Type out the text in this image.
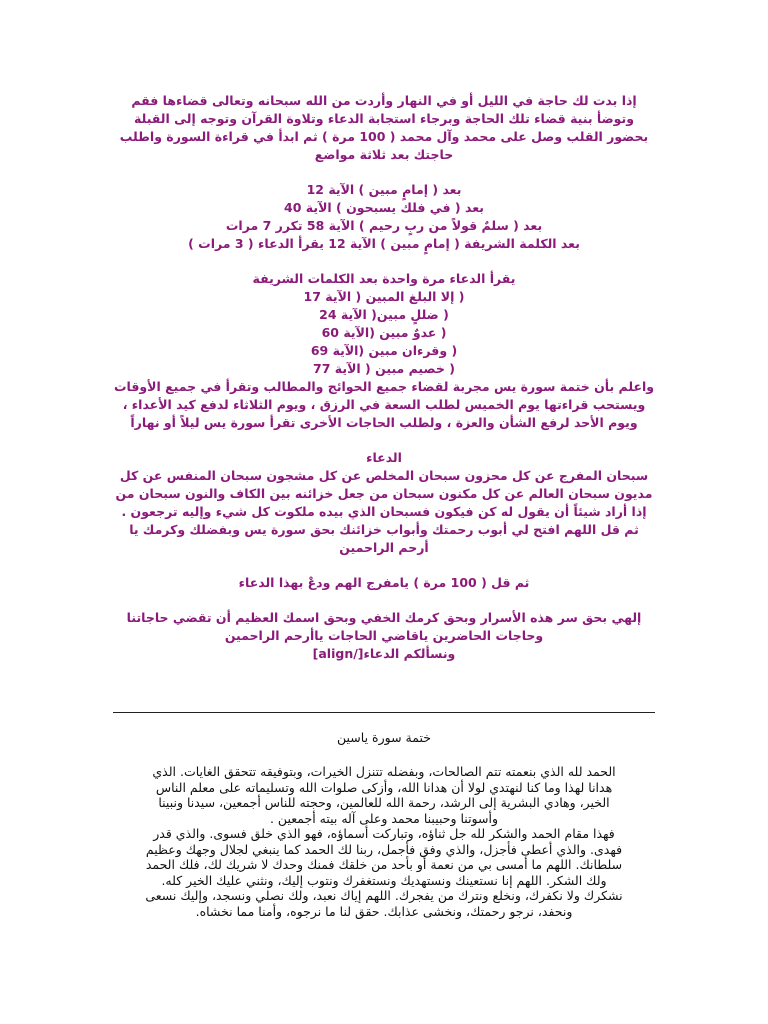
إذا بدت لك حاجة في الليل أو في النهار وأردت من الله سبحانه وتعالى قضاءها فقم

وتوضأ بنية قضاء تلك الحاجة وبرجاء استجابة الدعاء وتلاوة القرآن وتوجه إلى القبلة

بحضور القلب وصل على محمد وآل محمد ( 100 مرة ) ثم ابدأ في قراءة السورة واطلب

حاجتك بعد ثلاثة مواضع

بعد ( إمامٍ مبين ) الآية 12

بعد ( في فلك يسبحون ) الآية 40

بعد ( سلمٌ قولاً من ربٍ رحيم ) الآية 58 تكرر 7 مرات

بعد الكلمة الشريفة ( إمامٍ مبين ) الآية 12 يقرأ الدعاء ( 3 مرات )

يقرأ الدعاء مرة واحدة بعد الكلمات الشريفة

( إلا البلغ المبين ( الآية 17

( ضللٍ مبين( الآية 24

( عدوٌ مبين (الآية 60

( وقرءان مبين (الآية 69

( خصيم مبين ( الآية 77

واعلم بأن ختمة سورة يس مجربة لقضاء جميع الحوائج والمطالب وتقرأ في جميع الأوقات

ويستحب قراءتها يوم الخميس لطلب السعة في الرزق ، ويوم الثلاثاء لدفع كيد الأعداء ،

ويوم الأحد لرفع الشأن والعزة ، ولطلب الحاجات الأخرى تقرأ سورة يس ليلاً أو نهاراً

الدعاء

سبحان المفرج عن كل محزون سبحان المخلص عن كل مشجون سبحان المنفس عن كل

مديون سبحان العالم عن كل مكنون سبحان من جعل خزائنه بين الكاف والنون سبحان من

إذا أراد شيئاً أن يقول له كن فيكون فسبحان الذي بيده ملكوت كل شيء وإليه ترجعون .

ثم قل اللهم افتح لي أبوب رحمتك وأبواب خزائنك بحق سورة يس وبفضلك وكرمك يا

أرحم الراحمين

ثم قل ( 100 مرة ) يامفرج الهم ودعْ بهذا الدعاء

إلهي بحق سر هذه الأسرار وبحق كرمك الخفي وبحق اسمك العظيم أن تقضي حاجاتنا

وحاجات الحاضرين ياقاضي الحاجات ياأرحم الراحمين

ونسألكم الدعاء[/align]

ختمة سورة ياسين

الحمد لله الذي بنعمته تتم الصالحات، وبفضله تتنزل الخيرات، وبتوفيقه تتحقق الغايات. الذي

هدانا لهذا وما كنا لنهتدي لولا أن هدانا الله، وأزكى صلوات الله وتسليماته على معلم الناس

الخير، وهادي البشرية إلى الرشد، رحمة الله للعالمين، وحجته للناس أجمعين، سيدنا ونبينا

وأسوتنا وحبيبنا محمد وعلى آله بيته أجمعين .

فهذا مقام الحمد والشكر لله جل ثناؤه، وتباركت أسماؤه، فهو الذي خلق فسوى. والذي قدر

فهدى. والذي أعطى فأجزل، والذي وفق فأجمل، ربنا لك الحمد كما ينبغي لجلال وجهك وعظيم

سلطانك. اللهم ما أمسى بي من نعمة أو بأحد من خلقك فمنك وحدك لا شريك لك، فلك الحمد

ولك الشكر. اللهم إنا نستعينك ونستهديك ونستغفرك ونتوب إليك، ونثني عليك الخير كله.

نشكرك ولا نكفرك، ونخلع ونترك من يفجرك. اللهم إياك نعبد، ولك نصلي ونسجد، وإليك نسعى

ونحفد، نرجو رحمتك، ونخشى عذابك. حقق لنا ما نرجوه، وأمنا مما نخشاه.
